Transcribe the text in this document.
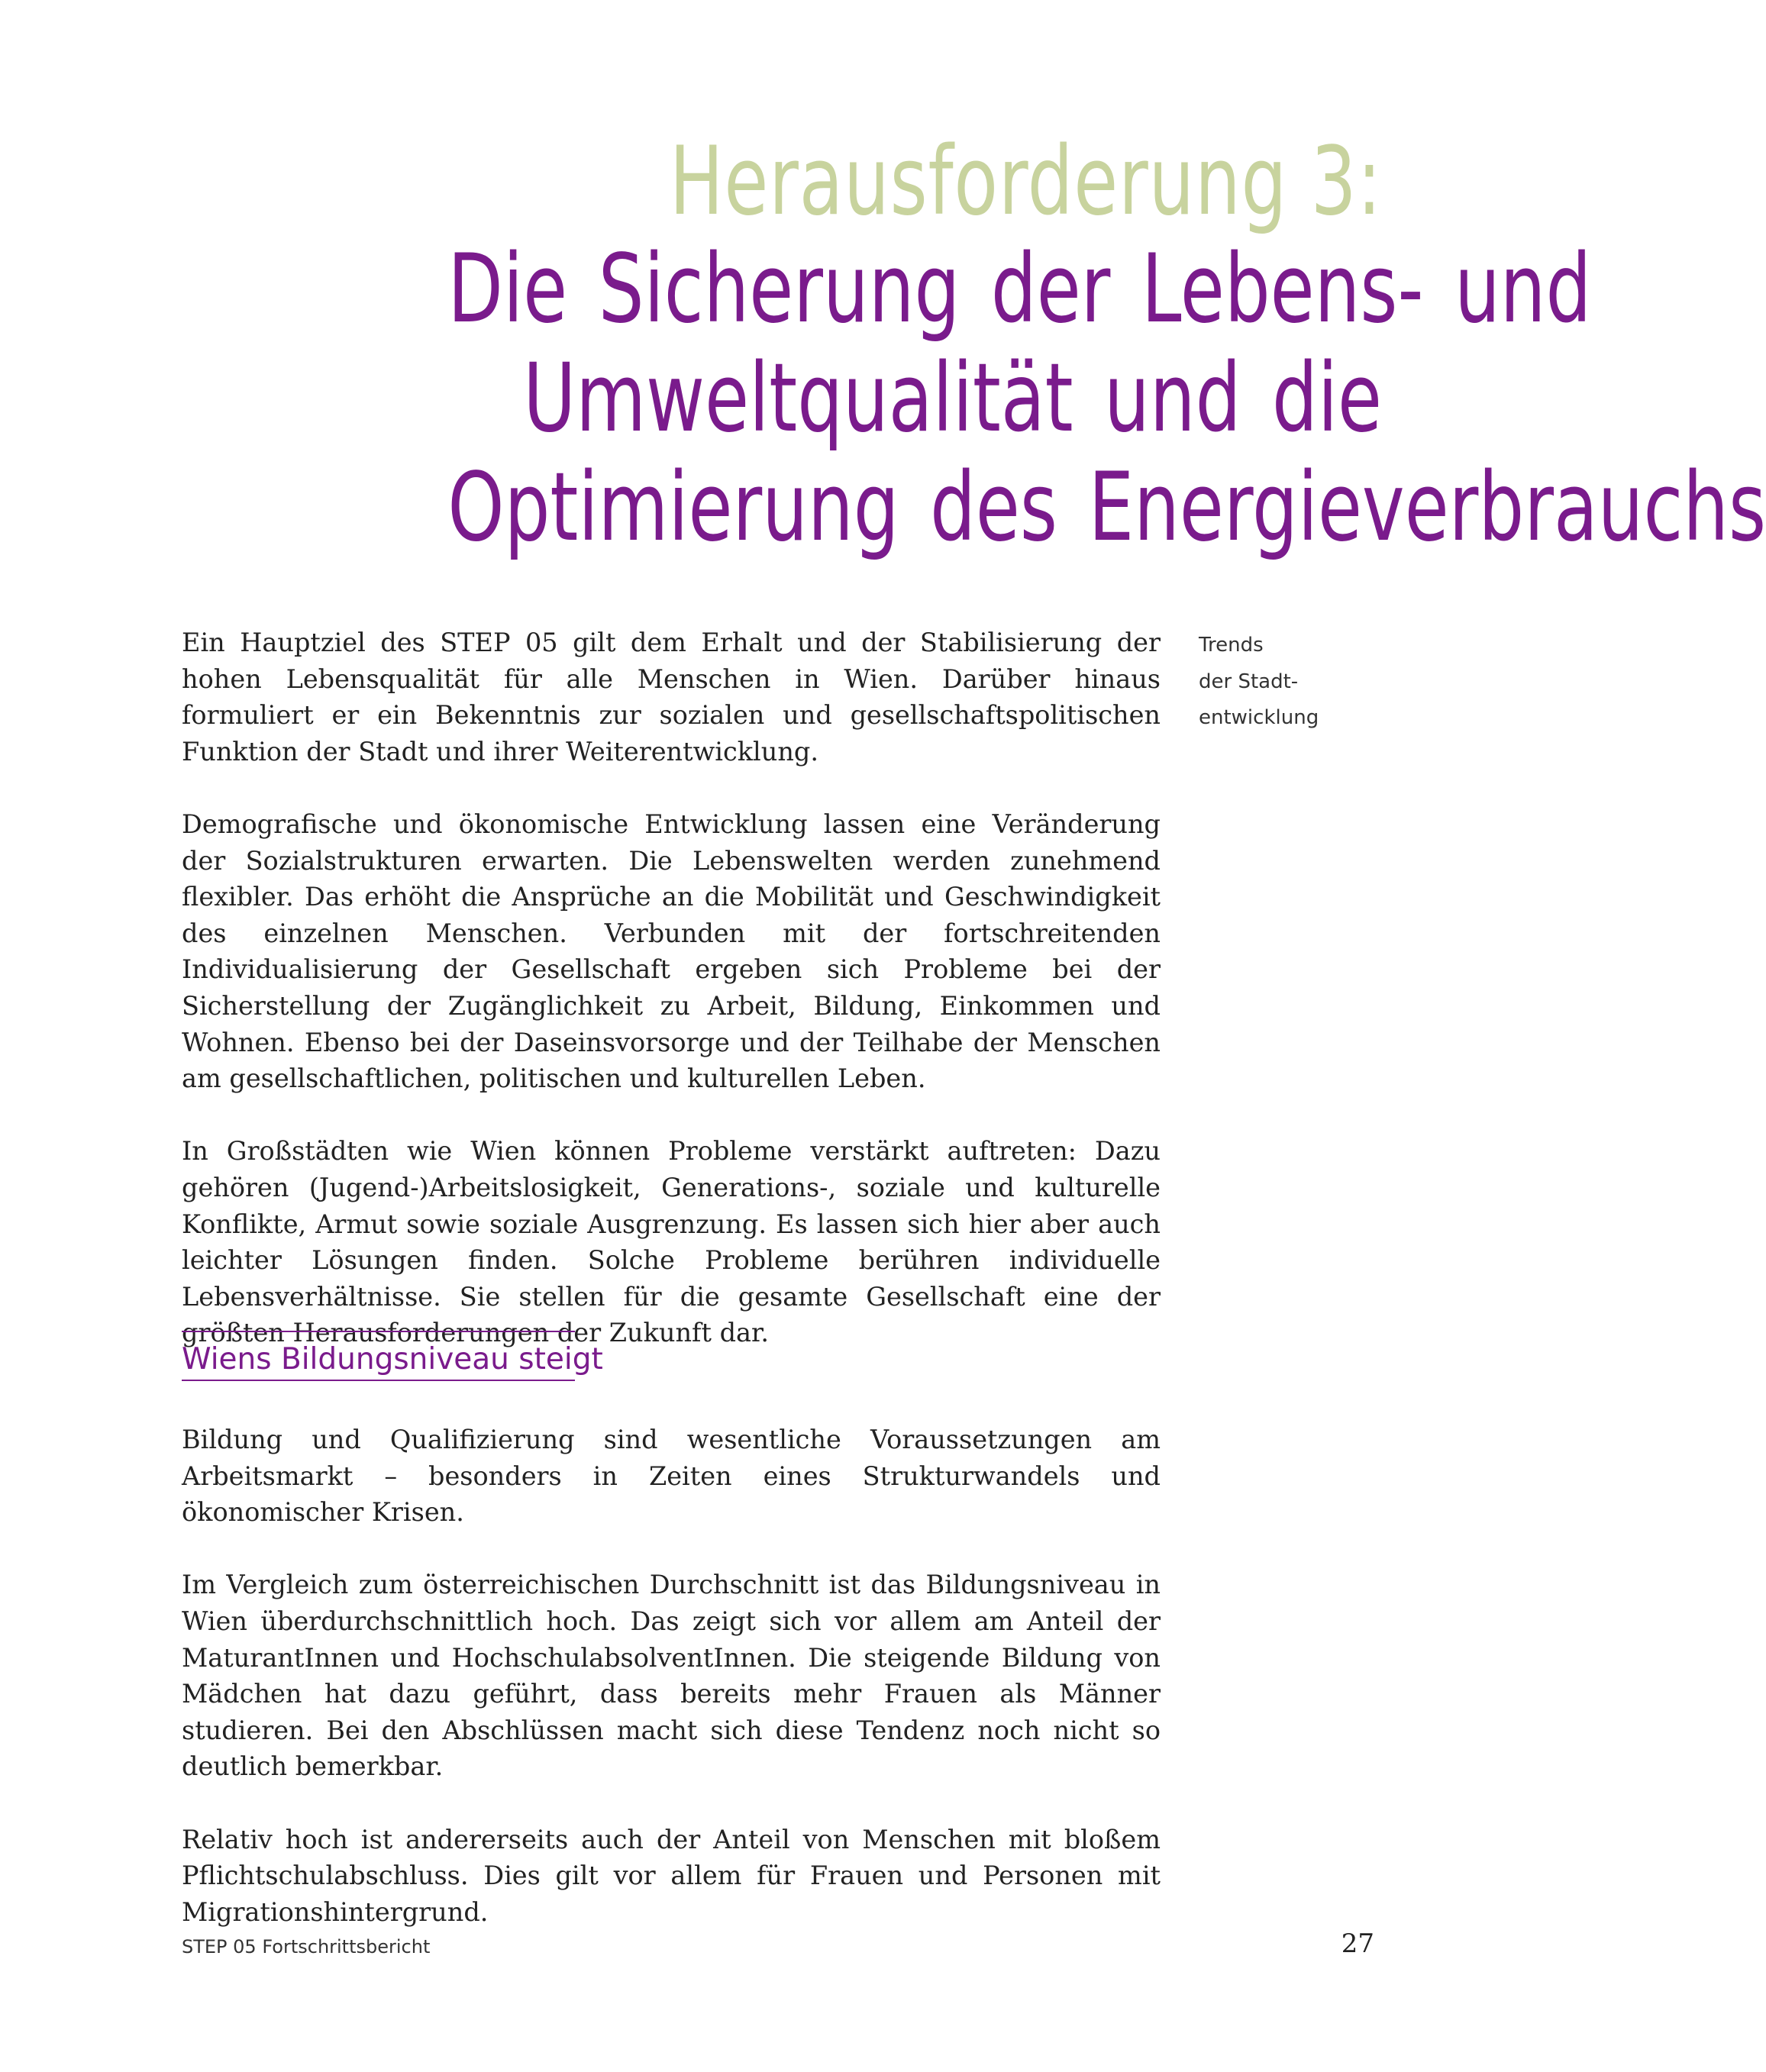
Herausforderung 3:
Die Sicherung der Lebens- und
Umweltqualität und die
Optimierung des Energieverbrauchs

Ein Hauptziel des STEP 05 gilt dem Erhalt und der Stabilisierung der hohen Lebensqualität für alle Menschen in Wien. Darüber hinaus formuliert er ein Bekenntnis zur sozialen und gesellschaftspolitischen Funktion der Stadt und ihrer Weiterentwicklung.

Demografische und ökonomische Entwicklung lassen eine Veränderung der Sozialstrukturen erwarten. Die Lebenswelten werden zunehmend flexibler. Das erhöht die Ansprüche an die Mobilität und Geschwindigkeit des einzelnen Menschen. Verbunden mit der fortschreitenden Individualisierung der Gesellschaft ergeben sich Probleme bei der Sicherstellung der Zugänglichkeit zu Arbeit, Bildung, Einkommen und Wohnen. Ebenso bei der Daseinsvorsorge und der Teilhabe der Menschen am gesellschaftlichen, politischen und kulturellen Leben.

In Großstädten wie Wien können Probleme verstärkt auftreten: Dazu gehören (Jugend-)Arbeitslosigkeit, Generations-, soziale und kulturelle Konflikte, Armut sowie soziale Ausgrenzung. Es lassen sich hier aber auch leichter Lösungen finden. Solche Probleme berühren individuelle Lebensverhältnisse. Sie stellen für die gesamte Gesellschaft eine der größten Herausforderungen der Zukunft dar.

Trends
der Stadt-
entwicklung
Wiens Bildungsniveau steigt

Bildung und Qualifizierung sind wesentliche Voraussetzungen am Arbeitsmarkt – besonders in Zeiten eines Strukturwandels und ökonomischer Krisen.

Im Vergleich zum österreichischen Durchschnitt ist das Bildungsniveau in Wien überdurchschnittlich hoch. Das zeigt sich vor allem am Anteil der MaturantInnen und HochschulabsolventInnen. Die steigende Bildung von Mädchen hat dazu geführt, dass bereits mehr Frauen als Männer studieren. Bei den Abschlüssen macht sich diese Tendenz noch nicht so deutlich bemerkbar.

Relativ hoch ist andererseits auch der Anteil von Menschen mit bloßem Pflichtschulabschluss. Dies gilt vor allem für Frauen und Personen mit Migrationshintergrund.

STEP 05 Fortschrittsbericht	27
